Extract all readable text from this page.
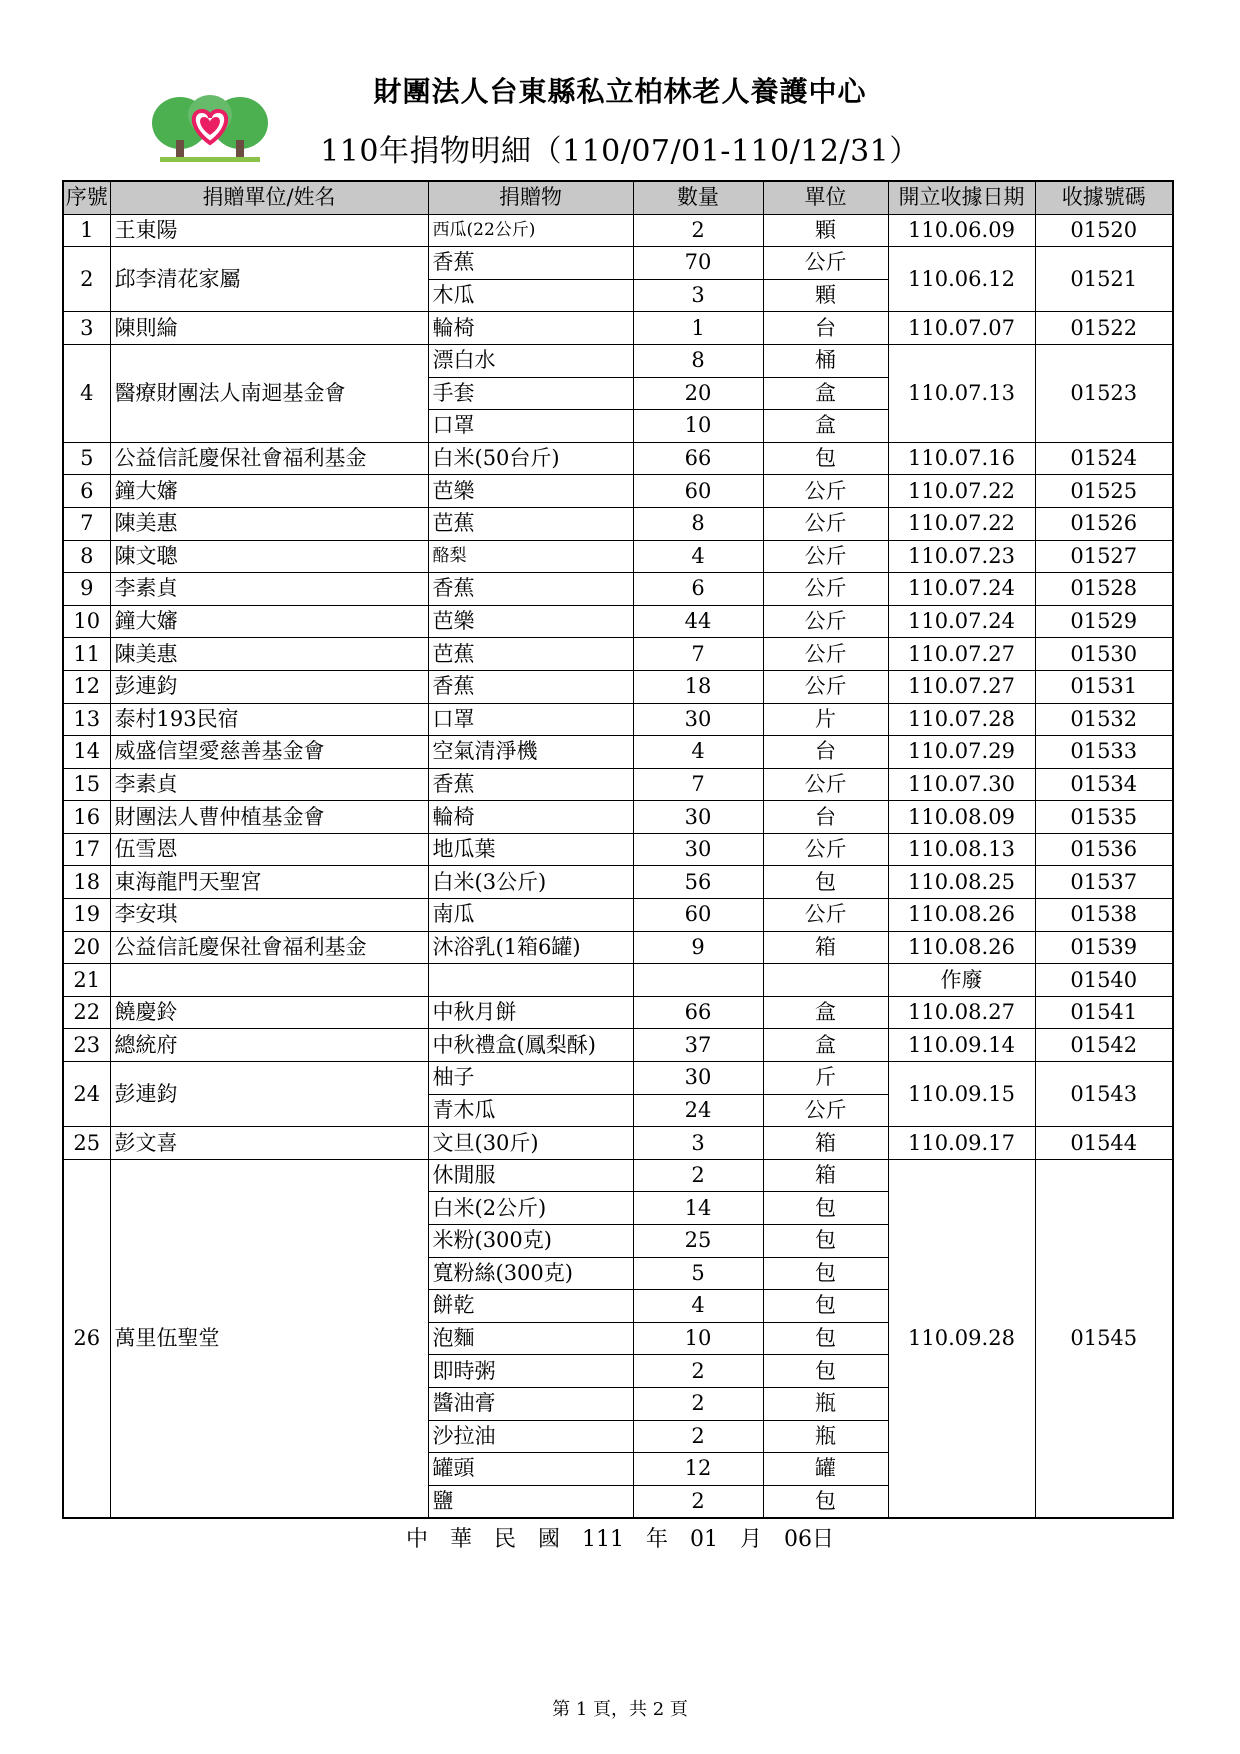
財團法人台東縣私立柏林老人養護中心
110年捐物明細（110/07/01-110/12/31）
序號	捐贈單位/姓名	捐贈物	數量	單位	開立收據日期	收據號碼
1	王東陽	西瓜(22公斤)	2	顆	110.06.09	01520
2	邱李清花家屬	香蕉	70	公斤	110.06.12	01521
		木瓜	3	顆		
3	陳則綸	輪椅	1	台	110.07.07	01522
4	醫療財團法人南迴基金會	漂白水	8	桶	110.07.13	01523
		手套	20	盒		
		口罩	10	盒		
5	公益信託慶保社會福利基金	白米(50台斤)	66	包	110.07.16	01524
6	鐘大嬸	芭樂	60	公斤	110.07.22	01525
7	陳美惠	芭蕉	8	公斤	110.07.22	01526
8	陳文聰	酪梨	4	公斤	110.07.23	01527
9	李素貞	香蕉	6	公斤	110.07.24	01528
10	鐘大嬸	芭樂	44	公斤	110.07.24	01529
11	陳美惠	芭蕉	7	公斤	110.07.27	01530
12	彭連鈞	香蕉	18	公斤	110.07.27	01531
13	泰村193民宿	口罩	30	片	110.07.28	01532
14	威盛信望愛慈善基金會	空氣清淨機	4	台	110.07.29	01533
15	李素貞	香蕉	7	公斤	110.07.30	01534
16	財團法人曹仲植基金會	輪椅	30	台	110.08.09	01535
17	伍雪恩	地瓜葉	30	公斤	110.08.13	01536
18	東海龍門天聖宮	白米(3公斤)	56	包	110.08.25	01537
19	李安琪	南瓜	60	公斤	110.08.26	01538
20	公益信託慶保社會福利基金	沐浴乳(1箱6罐)	9	箱	110.08.26	01539
21					作廢	01540
22	饒慶鈴	中秋月餅	66	盒	110.08.27	01541
23	總統府	中秋禮盒(鳳梨酥)	37	盒	110.09.14	01542
24	彭連鈞	柚子	30	斤	110.09.15	01543
		青木瓜	24	公斤		
25	彭文喜	文旦(30斤)	3	箱	110.09.17	01544
26	萬里伍聖堂	休閒服	2	箱	110.09.28	01545
		白米(2公斤)	14	包		
		米粉(300克)	25	包		
		寬粉絲(300克)	5	包		
		餅乾	4	包		
		泡麵	10	包		
		即時粥	2	包		
		醬油膏	2	瓶		
		沙拉油	2	瓶		
		罐頭	12	罐		
		鹽	2	包		
中　華　民　國　111　年　01　月　06日
第 1 頁，共 2 頁
